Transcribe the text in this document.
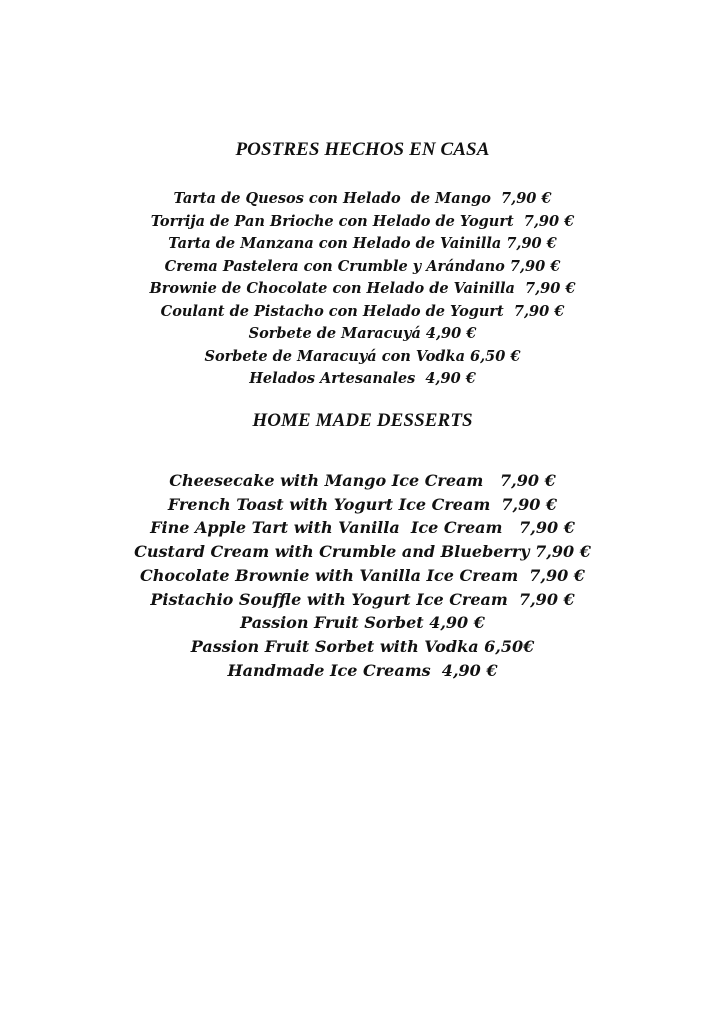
POSTRES HECHOS EN CASA
Tarta de Quesos con Helado  de Mango  7,90 €
Torrija de Pan Brioche con Helado de Yogurt  7,90 €
Tarta de Manzana con Helado de Vainilla 7,90 €
Crema Pastelera con Crumble y Arándano 7,90 €
Brownie de Chocolate con Helado de Vainilla  7,90 €
Coulant de Pistacho con Helado de Yogurt  7,90 €
Sorbete de Maracuyá 4,90 €
Sorbete de Maracuyá con Vodka 6,50 €
Helados Artesanales  4,90 €
HOME MADE DESSERTS
Cheesecake with Mango Ice Cream   7,90 €
French Toast with Yogurt Ice Cream  7,90 €
Fine Apple Tart with Vanilla  Ice Cream   7,90 €
Custard Cream with Crumble and Blueberry 7,90 €
Chocolate Brownie with Vanilla Ice Cream  7,90 €
Pistachio Souffle with Yogurt Ice Cream  7,90 €
Passion Fruit Sorbet 4,90 €
Passion Fruit Sorbet with Vodka 6,50€
Handmade Ice Creams  4,90 €
